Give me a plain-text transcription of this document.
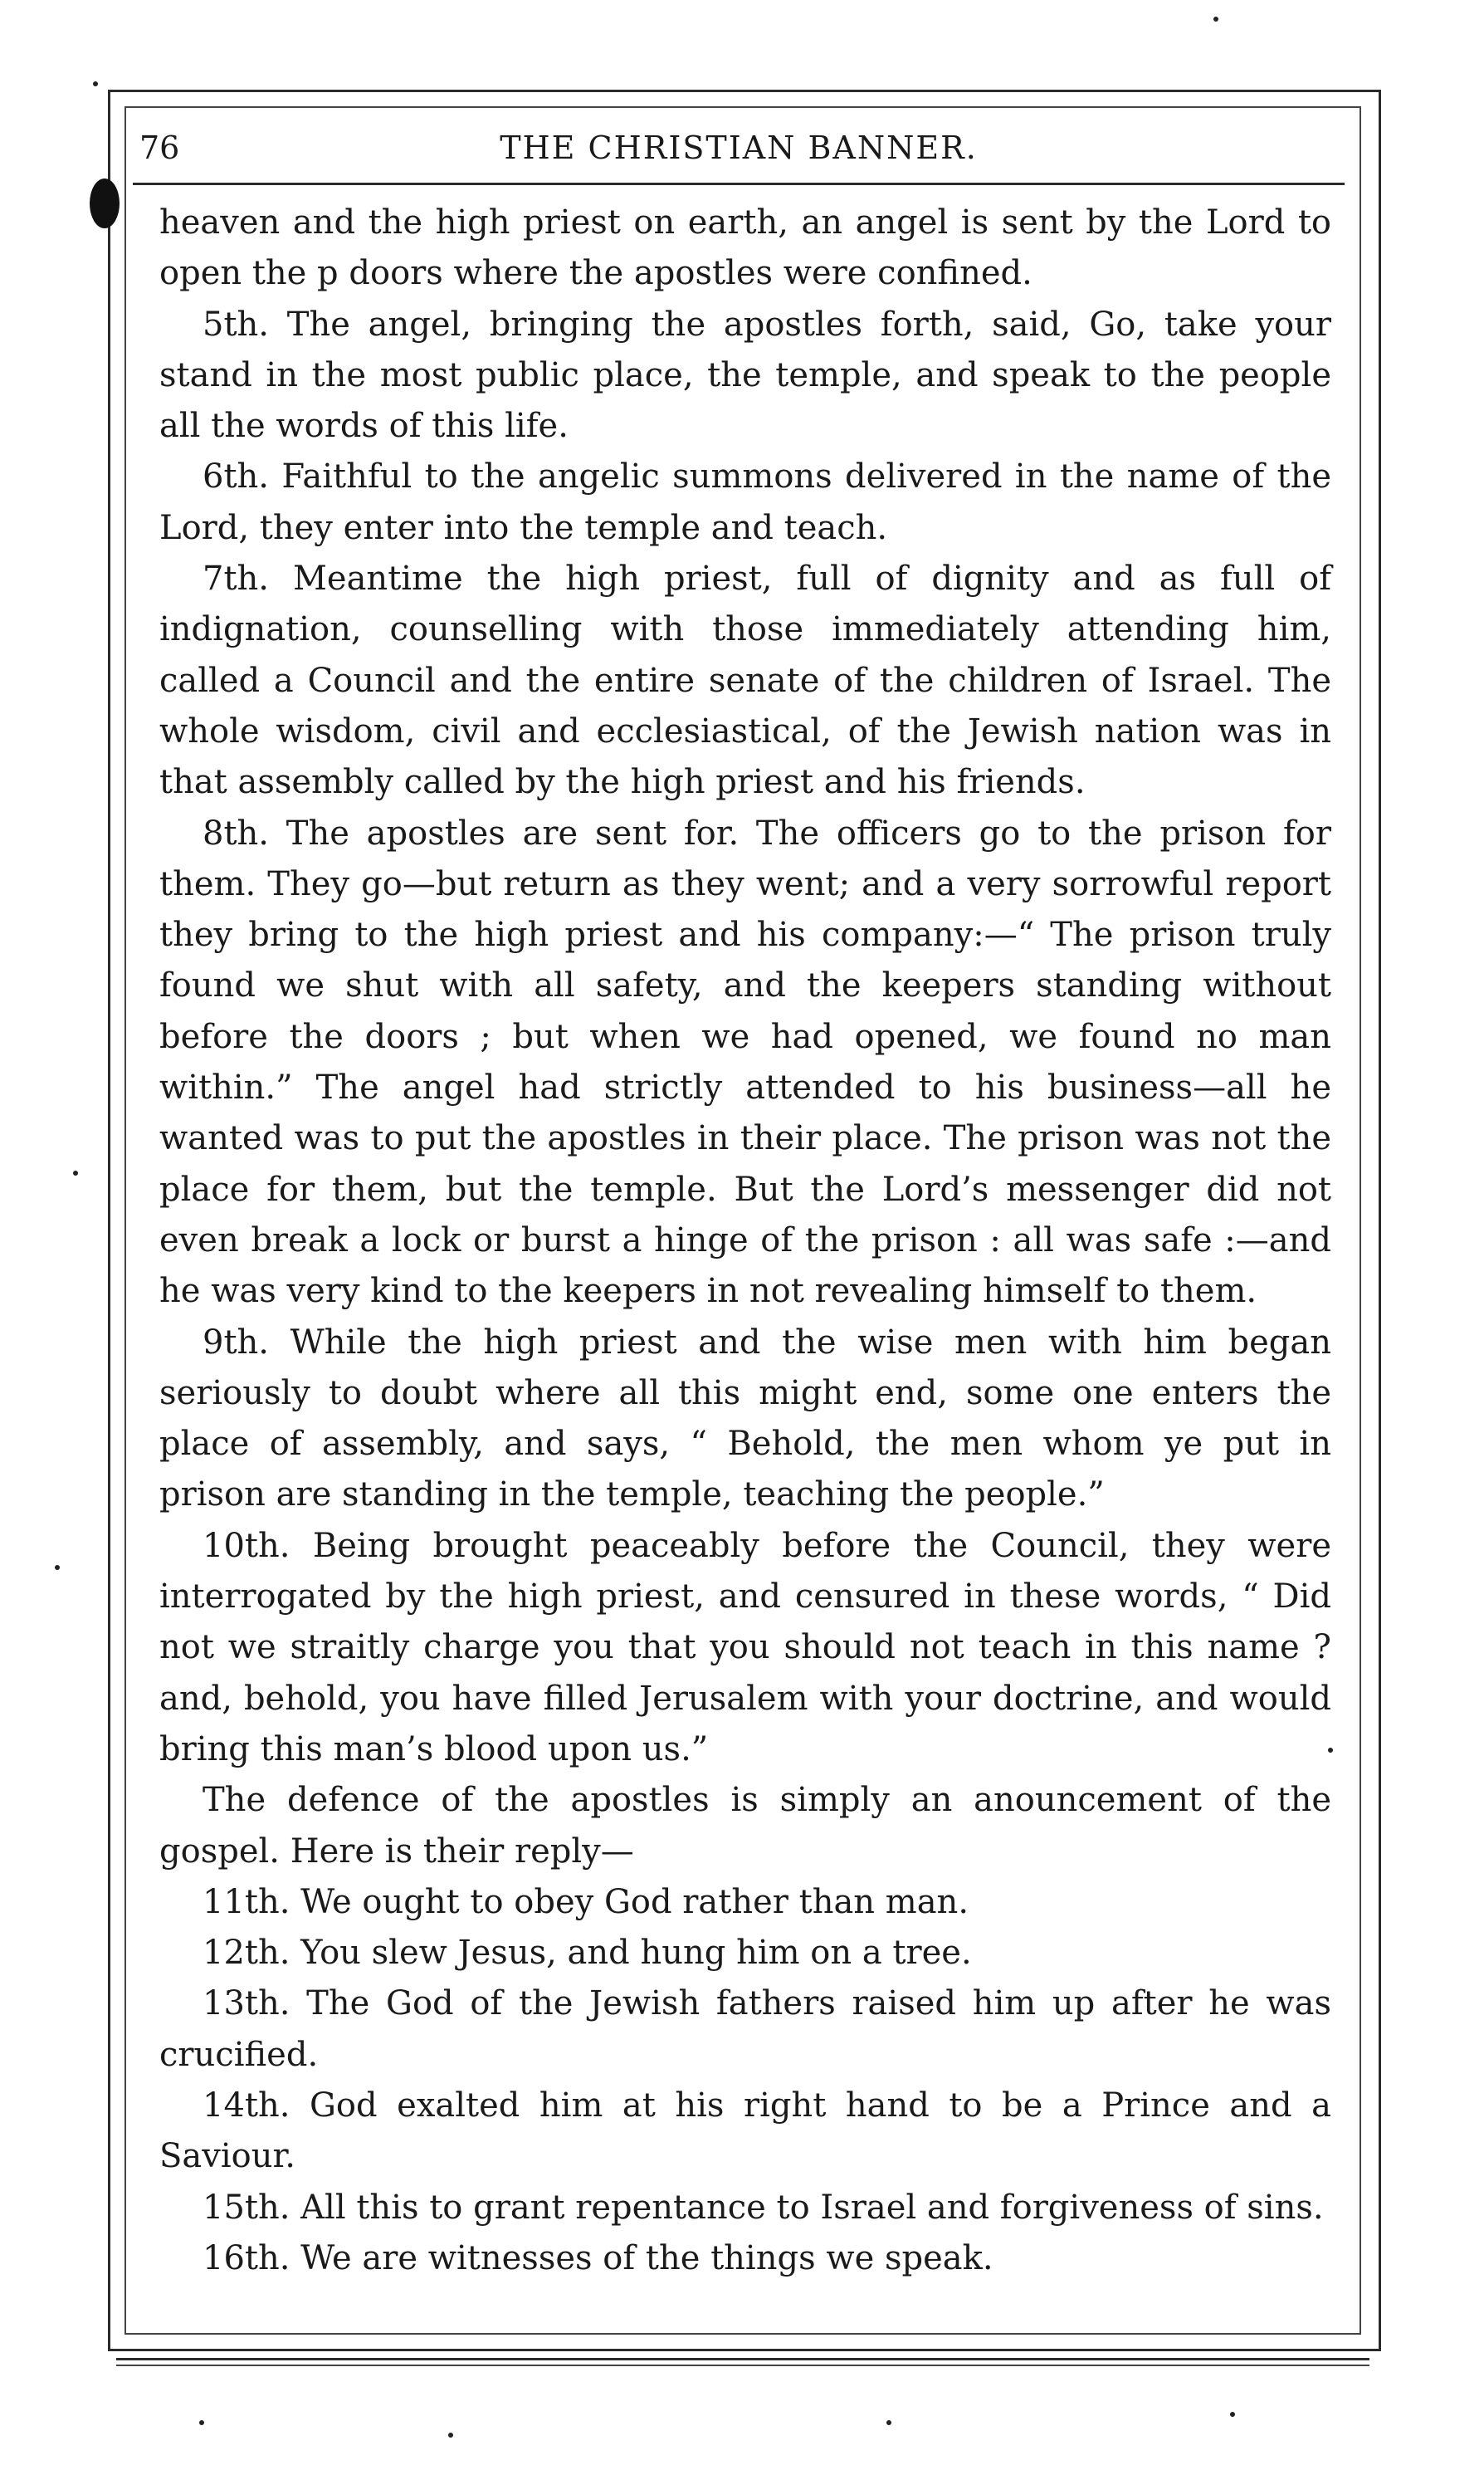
76	THE CHRISTIAN BANNER.

heaven and the high priest on earth, an angel is sent by the Lord to open the p doors where the apostles were confined.

5th. The angel, bringing the apostles forth, said, Go, take your stand in the most public place, the temple, and speak to the people all the words of this life.

6th. Faithful to the angelic summons delivered in the name of the Lord, they enter into the temple and teach.

7th. Meantime the high priest, full of dignity and as full of indignation, counselling with those immediately attending him, called a Council and the entire senate of the children of Israel. The whole wisdom, civil and ecclesiastical, of the Jewish nation was in that assembly called by the high priest and his friends.

8th. The apostles are sent for. The officers go to the prison for them. They go—but return as they went; and a very sorrowful report they bring to the high priest and his company:—“ The prison truly found we shut with all safety, and the keepers standing without before the doors ; but when we had opened, we found no man within.” The angel had strictly attended to his business—all he wanted was to put the apostles in their place. The prison was not the place for them, but the temple. But the Lord’s messenger did not even break a lock or burst a hinge of the prison : all was safe :—and he was very kind to the keepers in not revealing himself to them.

9th. While the high priest and the wise men with him began seriously to doubt where all this might end, some one enters the place of assembly, and says, “ Behold, the men whom ye put in prison are standing in the temple, teaching the people.”

10th. Being brought peaceably before the Council, they were interrogated by the high priest, and censured in these words, “ Did not we straitly charge you that you should not teach in this name ? and, behold, you have filled Jerusalem with your doctrine, and would bring this man’s blood upon us.”

The defence of the apostles is simply an anouncement of the gospel. Here is their reply—

11th. We ought to obey God rather than man.

12th. You slew Jesus, and hung him on a tree.

13th. The God of the Jewish fathers raised him up after he was crucified.

14th. God exalted him at his right hand to be a Prince and a Saviour.

15th. All this to grant repentance to Israel and forgiveness of sins.

16th. We are witnesses of the things we speak.
